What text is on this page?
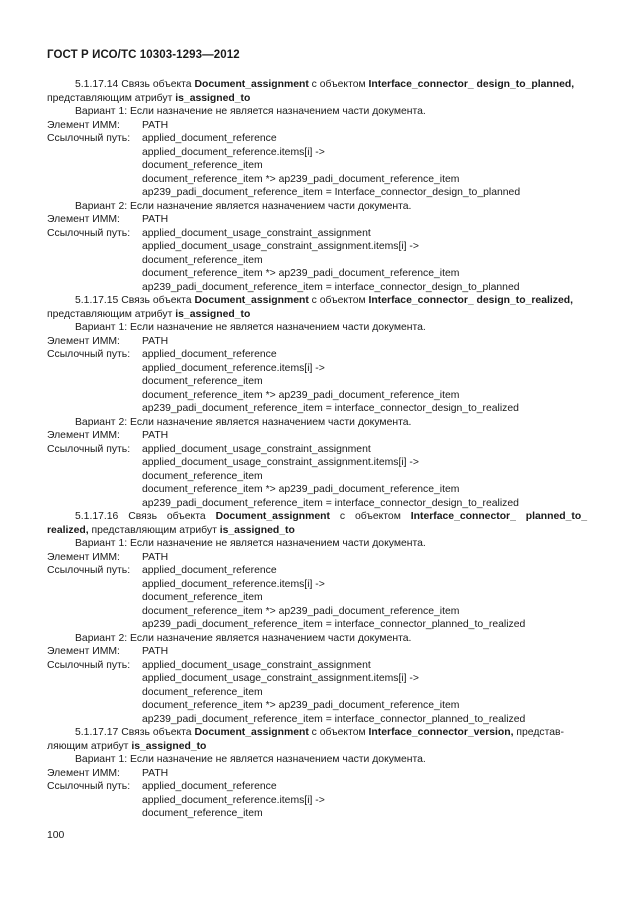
ГОСТ Р ИСО/ТС 10303-1293—2012
5.1.17.14 Связь объекта Document_assignment с объектом Interface_connector_ design_to_planned,
представляющим атрибут is_assigned_to
Вариант 1: Если назначение не является назначением части документа.
Элемент ИММ: PATH
Ссылочный путь: applied_document_reference
applied_document_reference.items[i] ->
document_reference_item
document_reference_item *> ap239_padi_document_reference_item
ap239_padi_document_reference_item = Interface_connector_design_to_planned
Вариант 2: Если назначение является назначением части документа.
Элемент ИММ: PATH
Ссылочный путь: applied_document_usage_constraint_assignment
applied_document_usage_constraint_assignment.items[i] ->
document_reference_item
document_reference_item *> ap239_padi_document_reference_item
ap239_padi_document_reference_item = interface_connector_design_to_planned
5.1.17.15 Связь объекта Document_assignment с объектом Interface_connector_ design_to_realized,
представляющим атрибут is_assigned_to
Вариант 1: Если назначение не является назначением части документа.
Элемент ИММ: PATH
Ссылочный путь: applied_document_reference
applied_document_reference.items[i] ->
document_reference_item
document_reference_item *> ap239_padi_document_reference_item
ap239_padi_document_reference_item = interface_connector_design_to_realized
Вариант 2: Если назначение является назначением части документа.
Элемент ИММ: PATH
Ссылочный путь: applied_document_usage_constraint_assignment
applied_document_usage_constraint_assignment.items[i] ->
document_reference_item
document_reference_item *> ap239_padi_document_reference_item
ap239_padi_document_reference_item = interface_connector_design_to_realized
5.1.17.16 Связь объекта Document_assignment с объектом Interface_connector_ planned_to_
realized, представляющим атрибут is_assigned_to
Вариант 1: Если назначение не является назначением части документа.
Элемент ИММ: PATH
Ссылочный путь: applied_document_reference
applied_document_reference.items[i] ->
document_reference_item
document_reference_item *> ap239_padi_document_reference_item
ap239_padi_document_reference_item = interface_connector_planned_to_realized
Вариант 2: Если назначение является назначением части документа.
Элемент ИММ: PATH
Ссылочный путь: applied_document_usage_constraint_assignment
applied_document_usage_constraint_assignment.items[i] ->
document_reference_item
document_reference_item *> ap239_padi_document_reference_item
ap239_padi_document_reference_item = interface_connector_planned_to_realized
5.1.17.17 Связь объекта Document_assignment с объектом Interface_connector_version, представ-
ляющим атрибут is_assigned_to
Вариант 1: Если назначение не является назначением части документа.
Элемент ИММ: PATH
Ссылочный путь: applied_document_reference
applied_document_reference.items[i] ->
document_reference_item
100
